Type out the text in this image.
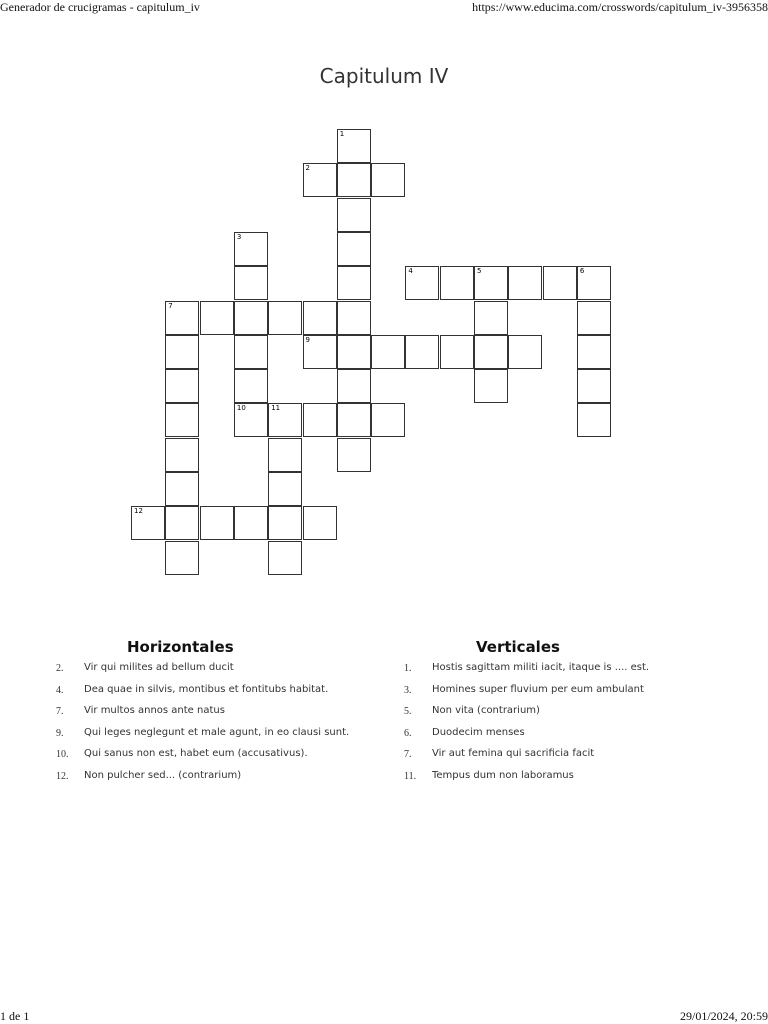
Generador de crucigramas - capitulum_iv	https://www.educima.com/crosswords/capitulum_iv-3956358
Capitulum IV
1
2
3
4	5	6
7
9
10	11
12
Horizontales
2. Vir qui milites ad bellum ducit
4. Dea quae in silvis, montibus et fontitubs habitat.
7. Vir multos annos ante natus
9. Qui leges neglegunt et male agunt, in eo clausi sunt.
10. Qui sanus non est, habet eum (accusativus).
12. Non pulcher sed... (contrarium)
Verticales
1. Hostis sagittam militi iacit, itaque is .... est.
3. Homines super fluvium per eum ambulant
5. Non vita (contrarium)
6. Duodecim menses
7. Vir aut femina qui sacrificia facit
11. Tempus dum non laboramus
1 de 1	29/01/2024, 20:59
